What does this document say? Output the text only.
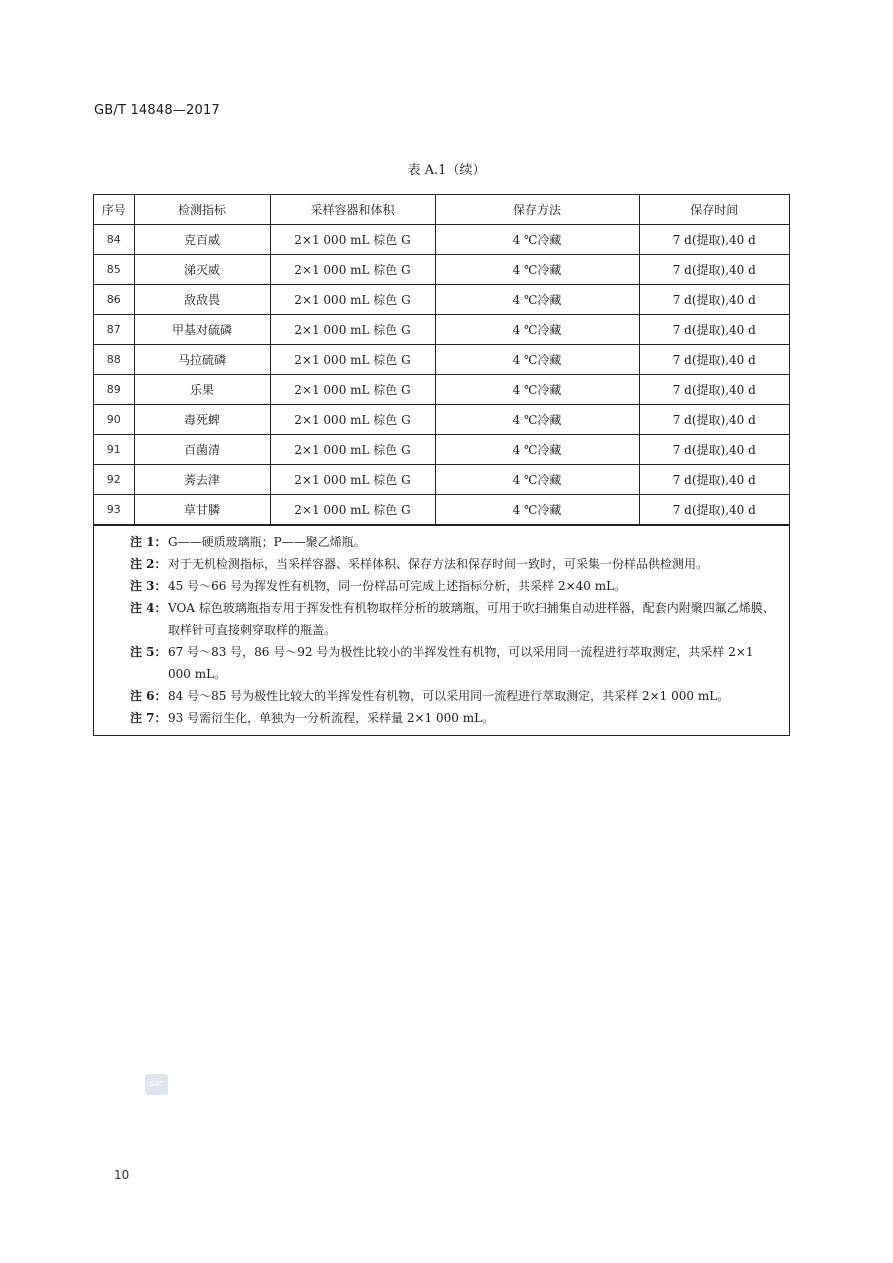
GB/T 14848—2017
表 A.1（续）
序号	检测指标	采样容器和体积	保存方法	保存时间
84	克百威	2×1 000 mL 棕色 G	4 ℃冷藏	7 d(提取),40 d
85	涕灭威	2×1 000 mL 棕色 G	4 ℃冷藏	7 d(提取),40 d
86	敌敌畏	2×1 000 mL 棕色 G	4 ℃冷藏	7 d(提取),40 d
87	甲基对硫磷	2×1 000 mL 棕色 G	4 ℃冷藏	7 d(提取),40 d
88	马拉硫磷	2×1 000 mL 棕色 G	4 ℃冷藏	7 d(提取),40 d
89	乐果	2×1 000 mL 棕色 G	4 ℃冷藏	7 d(提取),40 d
90	毒死蜱	2×1 000 mL 棕色 G	4 ℃冷藏	7 d(提取),40 d
91	百菌清	2×1 000 mL 棕色 G	4 ℃冷藏	7 d(提取),40 d
92	莠去津	2×1 000 mL 棕色 G	4 ℃冷藏	7 d(提取),40 d
93	草甘膦	2×1 000 mL 棕色 G	4 ℃冷藏	7 d(提取),40 d
注 1： G——硬质玻璃瓶；P——聚乙烯瓶。
注 2： 对于无机检测指标，当采样容器、采样体积、保存方法和保存时间一致时，可采集一份样品供检测用。
注 3： 45 号～66 号为挥发性有机物，同一份样品可完成上述指标分析，共采样 2×40 mL。
注 4： VOA 棕色玻璃瓶指专用于挥发性有机物取样分析的玻璃瓶，可用于吹扫捕集自动进样器，配套内附聚四氟乙烯膜、取样针可直接刺穿取样的瓶盖。
注 5： 67 号～83 号，86 号～92 号为极性比较小的半挥发性有机物，可以采用同一流程进行萃取测定，共采样 2×1 000 mL。
注 6： 84 号～85 号为极性比较大的半挥发性有机物，可以采用同一流程进行萃取测定，共采样 2×1 000 mL。
注 7： 93 号需衍生化，单独为一分析流程，采样量 2×1 000 mL。
SAC
10
